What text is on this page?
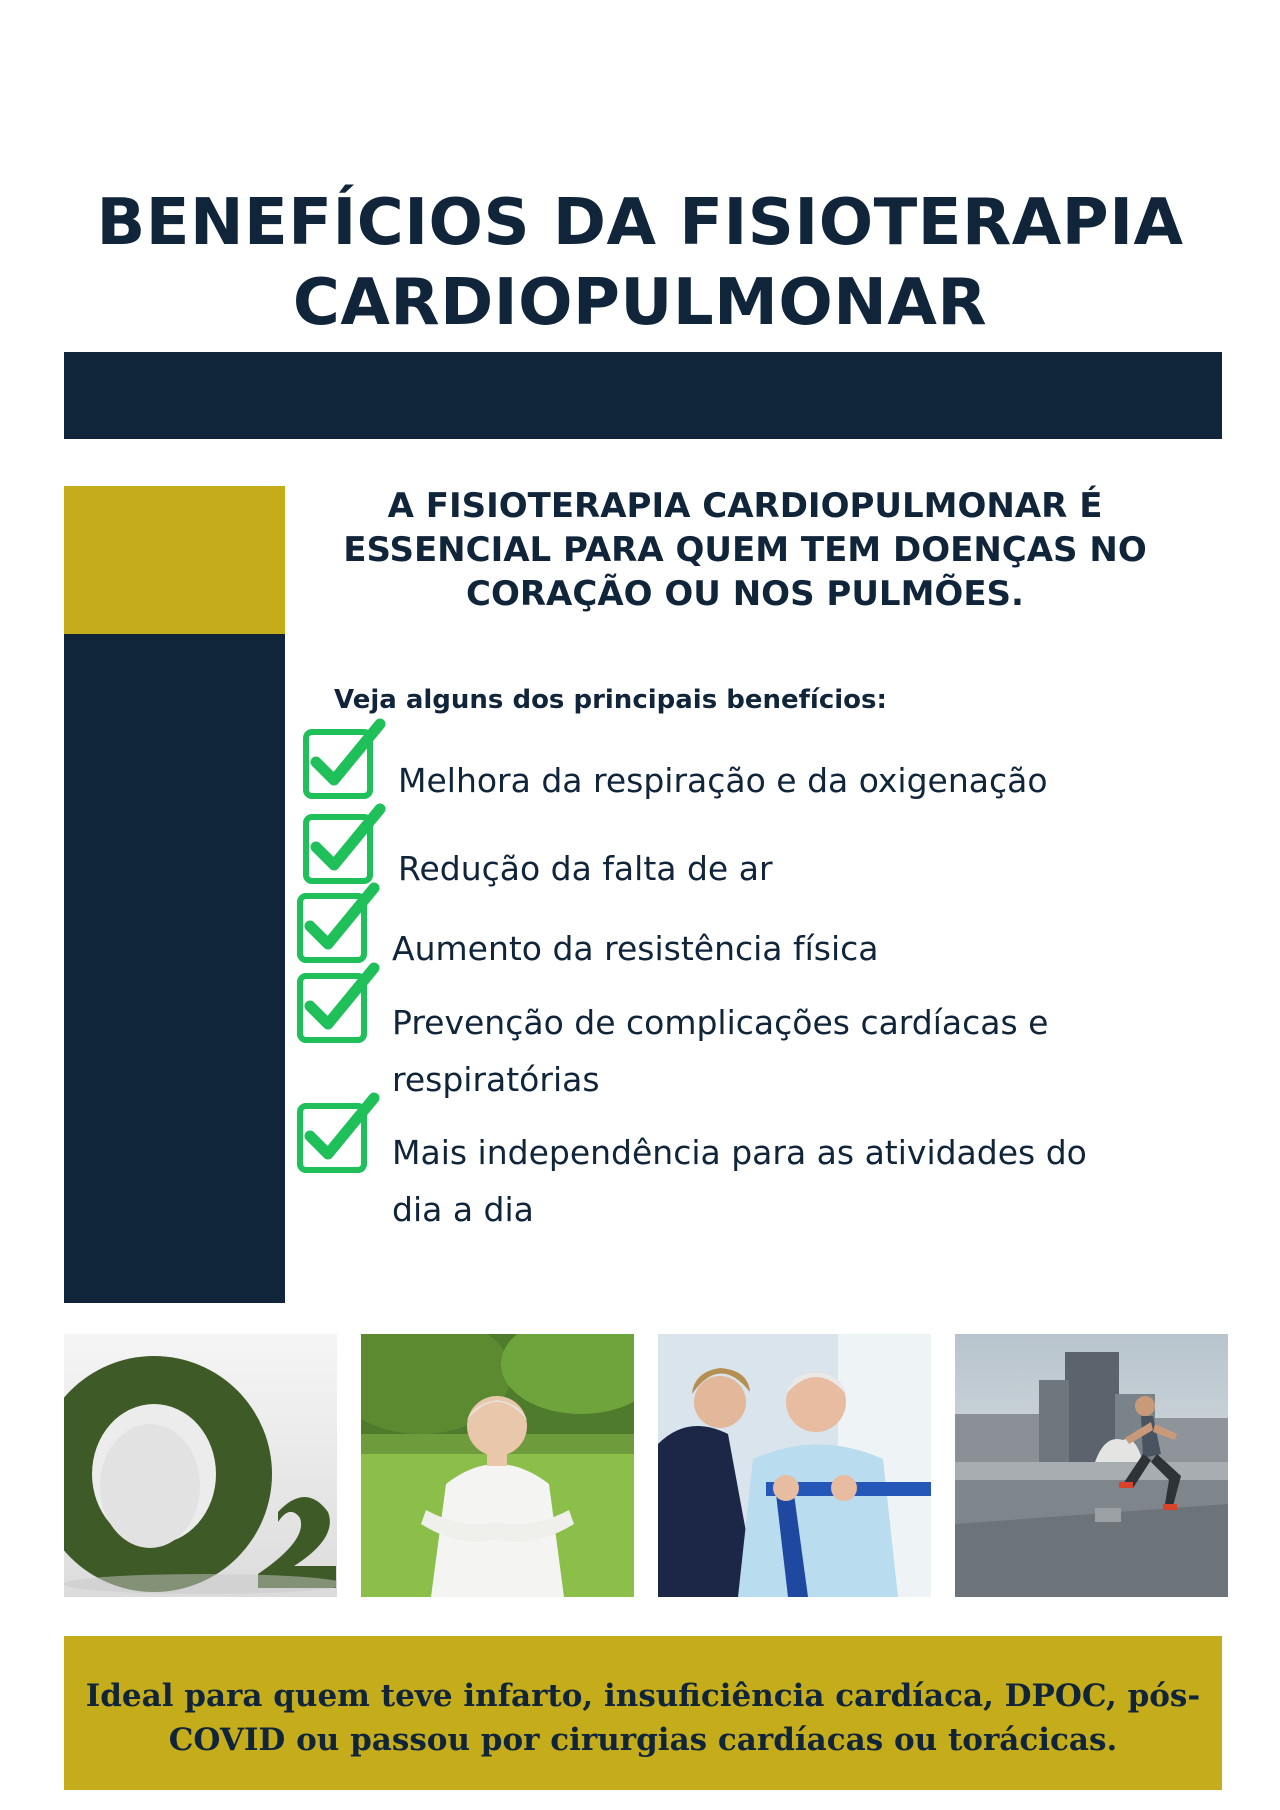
BENEFÍCIOS DA FISIOTERAPIA
CARDIOPULMONAR
A FISIOTERAPIA CARDIOPULMONAR É
ESSENCIAL PARA QUEM TEM DOENÇAS NO
CORAÇÃO OU NOS PULMÕES.
Veja alguns dos principais benefícios:
Melhora da respiração e da oxigenação
Redução da falta de ar
Aumento da resistência física
Prevenção de complicações cardíacas e
respiratórias
Mais independência para as atividades do
dia a dia
Ideal para quem teve infarto, insuficiência cardíaca, DPOC, pós-
COVID ou passou por cirurgias cardíacas ou torácicas.
